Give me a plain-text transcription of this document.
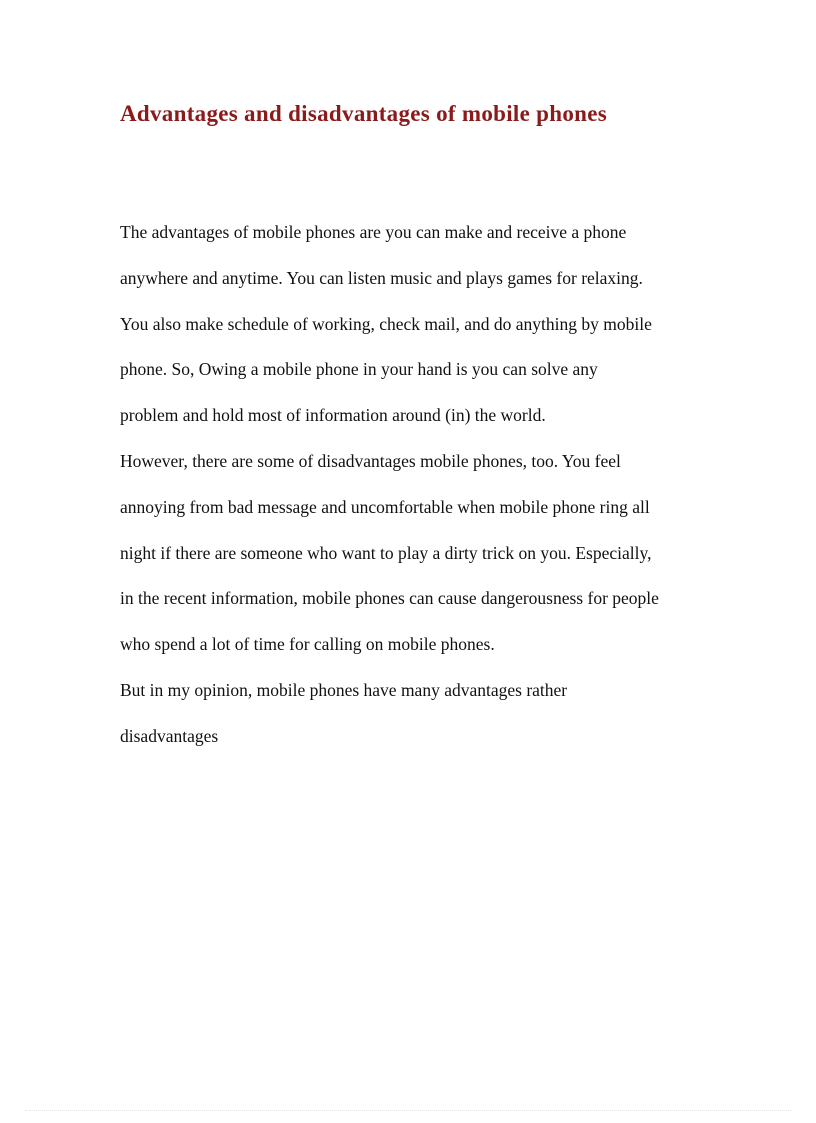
Advantages and disadvantages of mobile phones

The advantages of mobile phones are you can make and receive a phone

anywhere and anytime. You can listen music and plays games for relaxing.

You also make schedule of working, check mail, and do anything by mobile

phone. So, Owing a mobile phone in your hand is you can solve any

problem and hold most of information around (in) the world.

However, there are some of disadvantages mobile phones, too. You feel

annoying from bad message and uncomfortable when mobile phone ring all

night if there are someone who want to play a dirty trick on you. Especially,

in the recent information, mobile phones can cause dangerousness for people

who spend a lot of time for calling on mobile phones.

But in my opinion, mobile phones have many advantages rather

disadvantages
